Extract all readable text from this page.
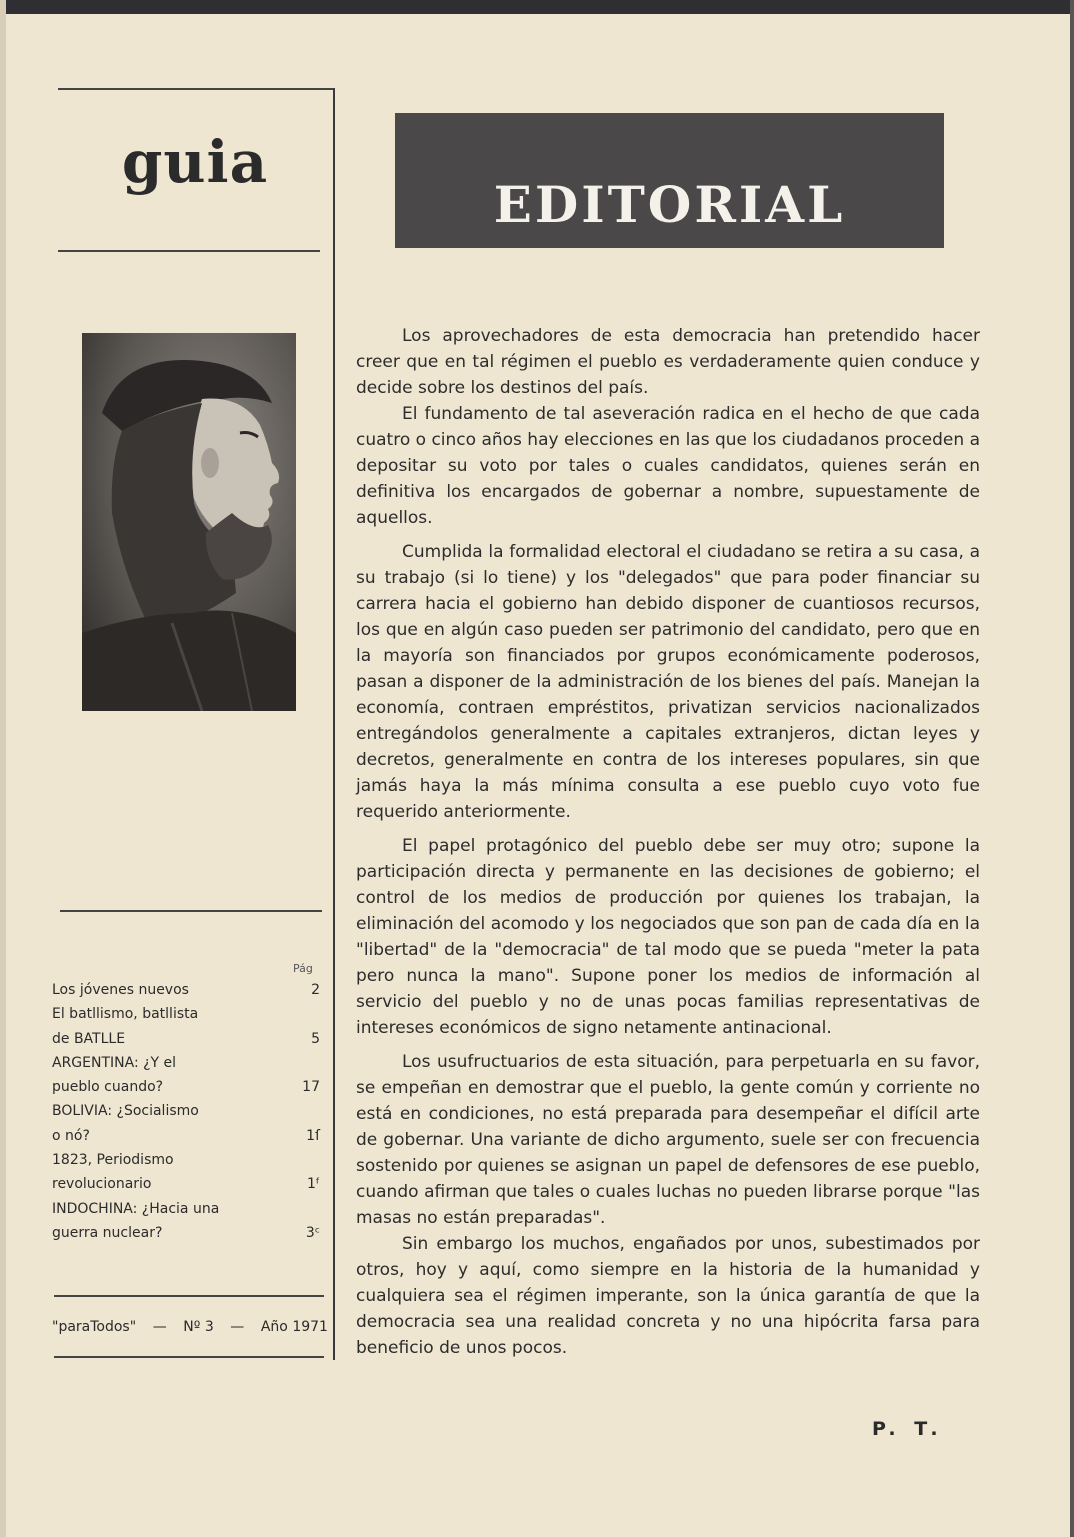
guia
Pág
Los jóvenes nuevos	2
El batllismo, batllista
de BATLLE	5
ARGENTINA: ¿Y el
pueblo cuando?	17
BOLIVIA: ¿Socialismo
o nó?	1ſ
1823, Periodismo
revolucionario	1ᶠ
INDOCHINA: ¿Hacia una
guerra nuclear?	3ᶜ
"paraTodos" — Nº 3 — Año 1971
EDITORIAL

Los aprovechadores de esta democracia han pretendido hacer creer que en tal régimen el pueblo es verdaderamente quien conduce y decide sobre los destinos del país.

El fundamento de tal aseveración radica en el hecho de que cada cuatro o cinco años hay elecciones en las que los ciudadanos proceden a depositar su voto por tales o cuales candidatos, quienes serán en definitiva los encargados de gobernar a nombre, supuestamente de aquellos.

Cumplida la formalidad electoral el ciudadano se retira a su casa, a su trabajo (si lo tiene) y los "delegados" que para poder financiar su carrera hacia el gobierno han debido disponer de cuantiosos recursos, los que en algún caso pueden ser patrimonio del candidato, pero que en la mayoría son financiados por grupos económicamente poderosos, pasan a disponer de la administración de los bienes del país. Manejan la economía, contraen empréstitos, privatizan servicios nacionalizados entregándolos generalmente a capitales extranjeros, dictan leyes y decretos, generalmente en contra de los intereses populares, sin que jamás haya la más mínima consulta a ese pueblo cuyo voto fue requerido anteriormente.

El papel protagónico del pueblo debe ser muy otro; supone la participación directa y permanente en las decisiones de gobierno; el control de los medios de producción por quienes los trabajan, la eliminación del acomodo y los negociados que son pan de cada día en la "libertad" de la "democracia" de tal modo que se pueda "meter la pata pero nunca la mano". Supone poner los medios de información al servicio del pueblo y no de unas pocas familias representativas de intereses económicos de signo netamente antinacional.

Los usufructuarios de esta situación, para perpetuarla en su favor, se empeñan en demostrar que el pueblo, la gente común y corriente no está en condiciones, no está preparada para desempeñar el difícil arte de gobernar. Una variante de dicho argumento, suele ser con frecuencia sostenido por quienes se asignan un papel de defensores de ese pueblo, cuando afirman que tales o cuales luchas no pueden librarse porque "las masas no están preparadas".

Sin embargo los muchos, engañados por unos, subestimados por otros, hoy y aquí, como siempre en la historia de la humanidad y cualquiera sea el régimen imperante, son la única garantía de que la democracia sea una realidad concreta y no una hipócrita farsa para beneficio de unos pocos.

P. T.
